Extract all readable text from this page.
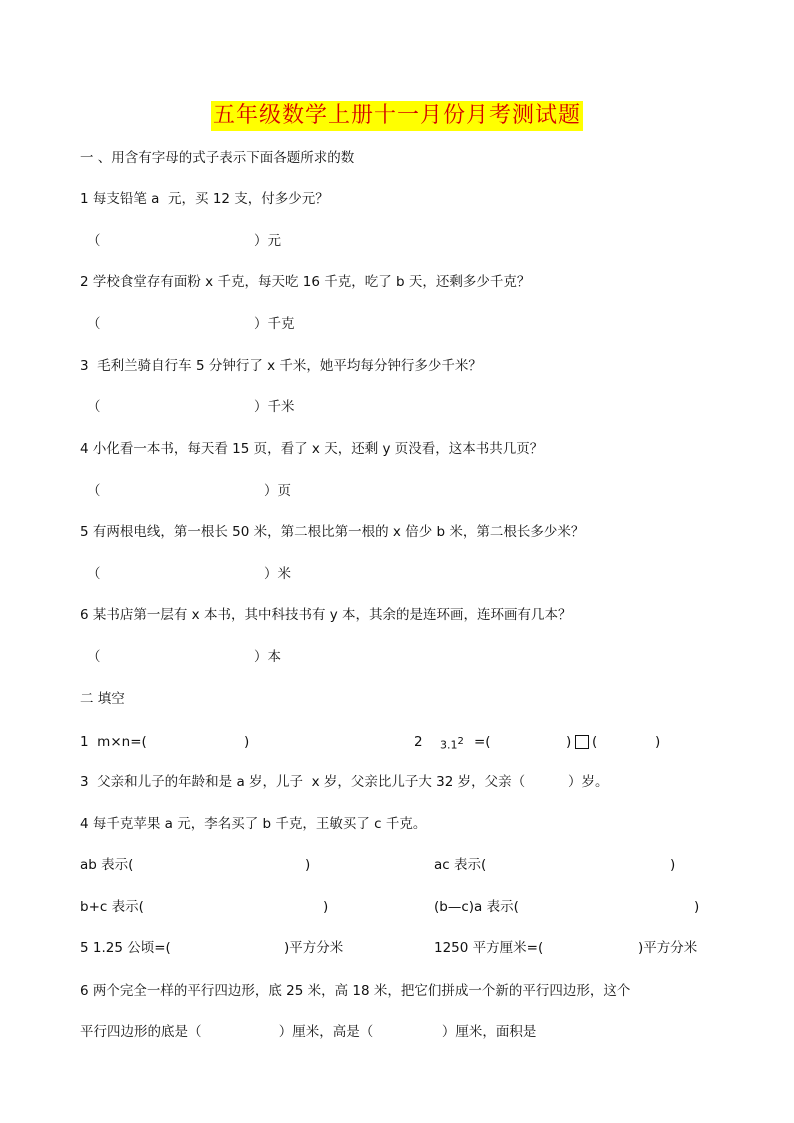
五年级数学上册十一月份月考测试题
一 、用含有字母的式子表示下面各题所求的数
1 每支铅笔 a  元，买 12 支，付多少元？
（	）元
2 学校食堂存有面粉 x 千克，每天吃 16 千克，吃了 b 天，还剩多少千克？
（	）千克
3  毛利兰骑自行车 5 分钟行了 x 千米，她平均每分钟行多少千米？
（	）千米
4 小化看一本书，每天看 15 页，看了 x 天，还剩 y 页没看，这本书共几页？
（	）页
5 有两根电线，第一根长 50 米，第二根比第一根的 x 倍少 b 米，第二根长多少米？
（	）米
6 某书店第一层有 x 本书，其中科技书有 y 本，其余的是连环画，连环画有几本？
（	）本
二 填空
1  m×n=(	)	2 $3.1^2$ =(	) (	)
3  父亲和儿子的年龄和是 a 岁，儿子  x 岁，父亲比儿子大 32 岁，父亲（          ）岁。
4 每千克苹果 a 元，李名买了 b 千克，王敏买了 c 千克。
ab 表示(	)	ac 表示(	)
b+c 表示(	)	(b—c)a 表示(	)
5 1.25 公顷=(	)平方分米	1250 平方厘米=(	)平方分米
6 两个完全一样的平行四边形，底 25 米，高 18 米，把它们拼成一个新的平行四边形，这个
平行四边形的底是（                  ）厘米，高是（                ）厘米，面积是
